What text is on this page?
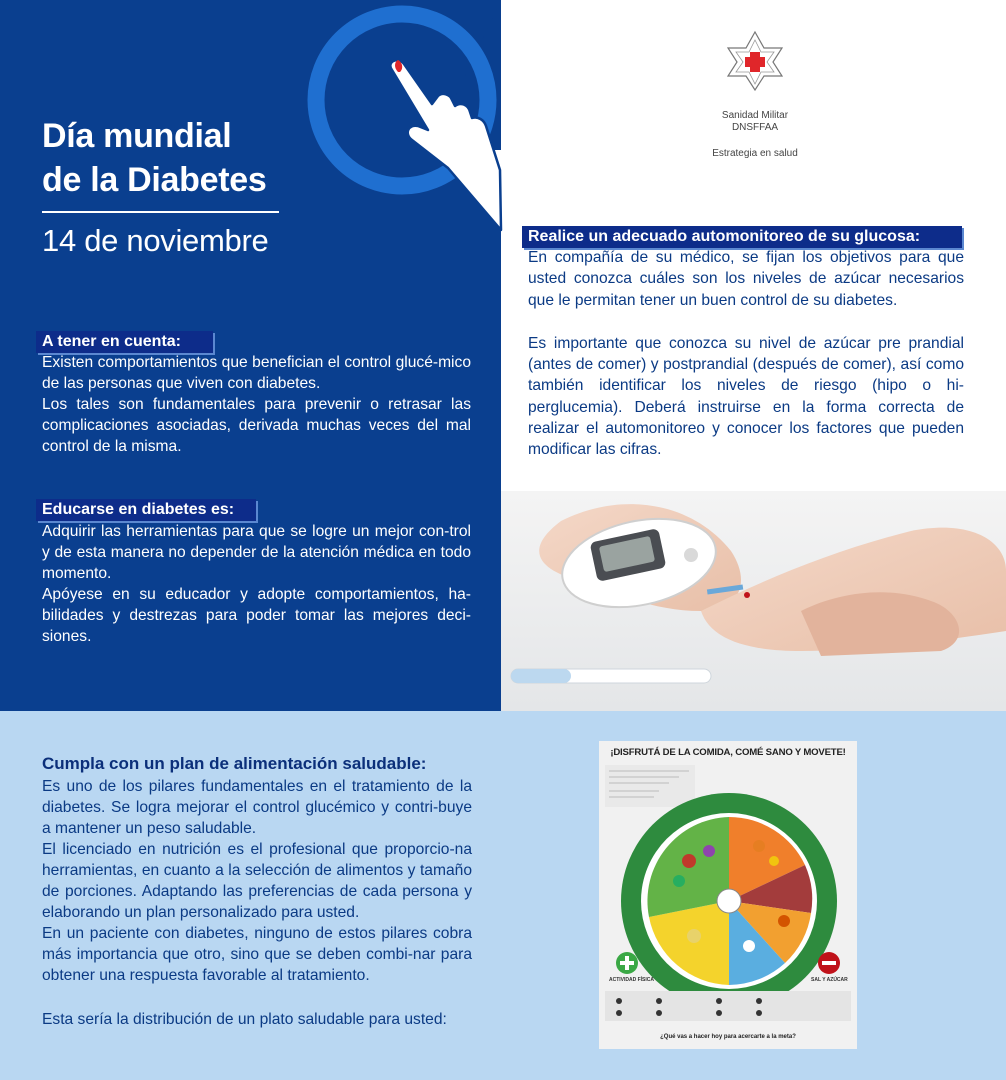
Día mundial
de la Diabetes
14 de noviembre
Sanidad Militar
DNSFFAA
Estrategia en salud
A tener en cuenta:
Existen comportamientos que benefician el control glucé-mico de las personas que viven con diabetes.
Los tales son fundamentales para prevenir o retrasar las complicaciones asociadas, derivada muchas veces del mal control de la misma.
Educarse en diabetes es:
Adquirir las herramientas para que se logre un mejor con-trol y de esta manera no depender de la atención médica en todo momento.
Apóyese en su educador y adopte comportamientos, ha-bilidades y destrezas para poder tomar las mejores deci-siones.
Realice un adecuado automonitoreo de su glucosa:
En compañía de su médico, se fijan los objetivos para que usted conozca cuáles son los niveles de azúcar necesarios que le permitan tener un buen control de su diabetes.
Es importante que conozca su nivel de azúcar pre prandial (antes de comer) y postprandial (después de comer), así como también identificar los niveles de riesgo (hipo o hi-perglucemia). Deberá instruirse en la forma correcta de realizar el automonitoreo y conocer los factores que pueden modificar las cifras.
Cumpla con un plan de alimentación saludable:
Es uno de los pilares fundamentales en el tratamiento de la diabetes. Se logra mejorar el control glucémico y contri-buye a mantener un peso saludable.
El licenciado en nutrición es el profesional que proporcio-na herramientas, en cuanto a la selección de alimentos y tamaño de porciones. Adaptando las preferencias de cada persona y elaborando un plan personalizado para usted.
En un paciente con diabetes, ninguno de estos pilares cobra más importancia que otro, sino que se deben combi-nar para obtener una respuesta favorable al tratamiento.
Esta sería la distribución de un plato saludable para usted:
¡DISFRUTÁ DE LA COMIDA, COMÉ SANO Y MOVETE!
ACTIVIDAD FÍSICA	SAL Y AZÚCAR
¿Qué vas a hacer hoy para acercarte a la meta?
